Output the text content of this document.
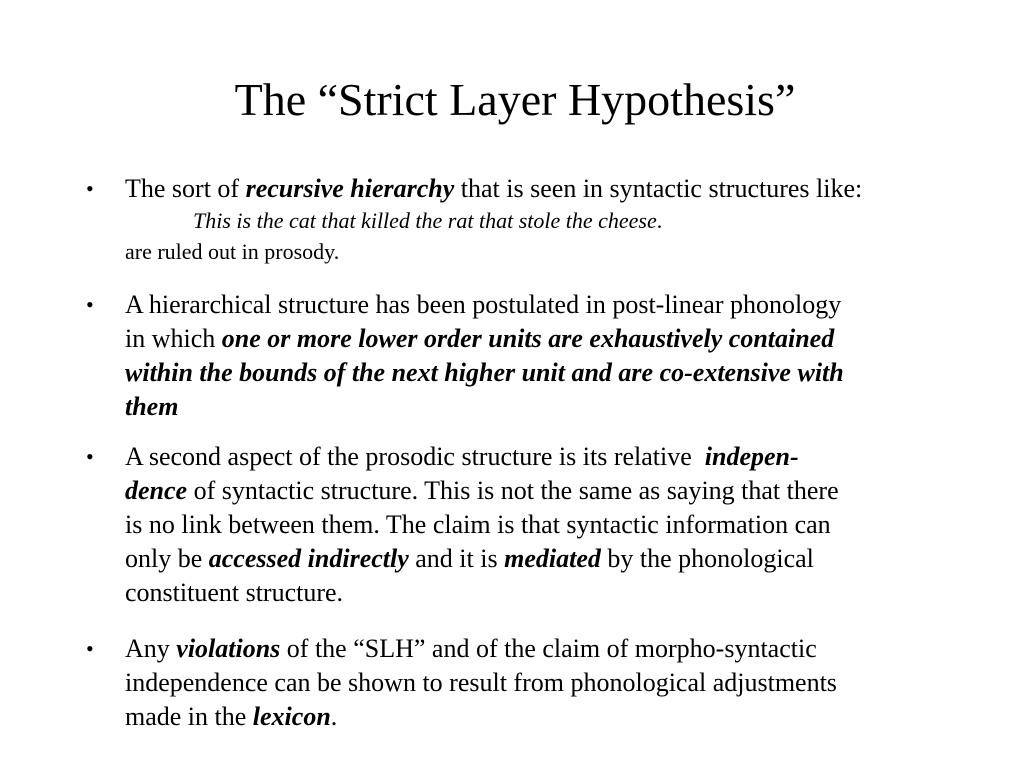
The “Strict Layer Hypothesis”
• The sort of recursive hierarchy that is seen in syntactic structures like:
This is the cat that killed the rat that stole the cheese.
are ruled out in prosody.
• A hierarchical structure has been postulated in post-linear phonology
in which one or more lower order units are exhaustively contained
within the bounds of the next higher unit and are co-extensive with
them
• A second aspect of the prosodic structure is its relative  indepen-
dence of syntactic structure. This is not the same as saying that there
is no link between them. The claim is that syntactic information can
only be accessed indirectly and it is mediated by the phonological
constituent structure.
• Any violations of the “SLH” and of the claim of morpho-syntactic
independence can be shown to result from phonological adjustments
made in the lexicon.
